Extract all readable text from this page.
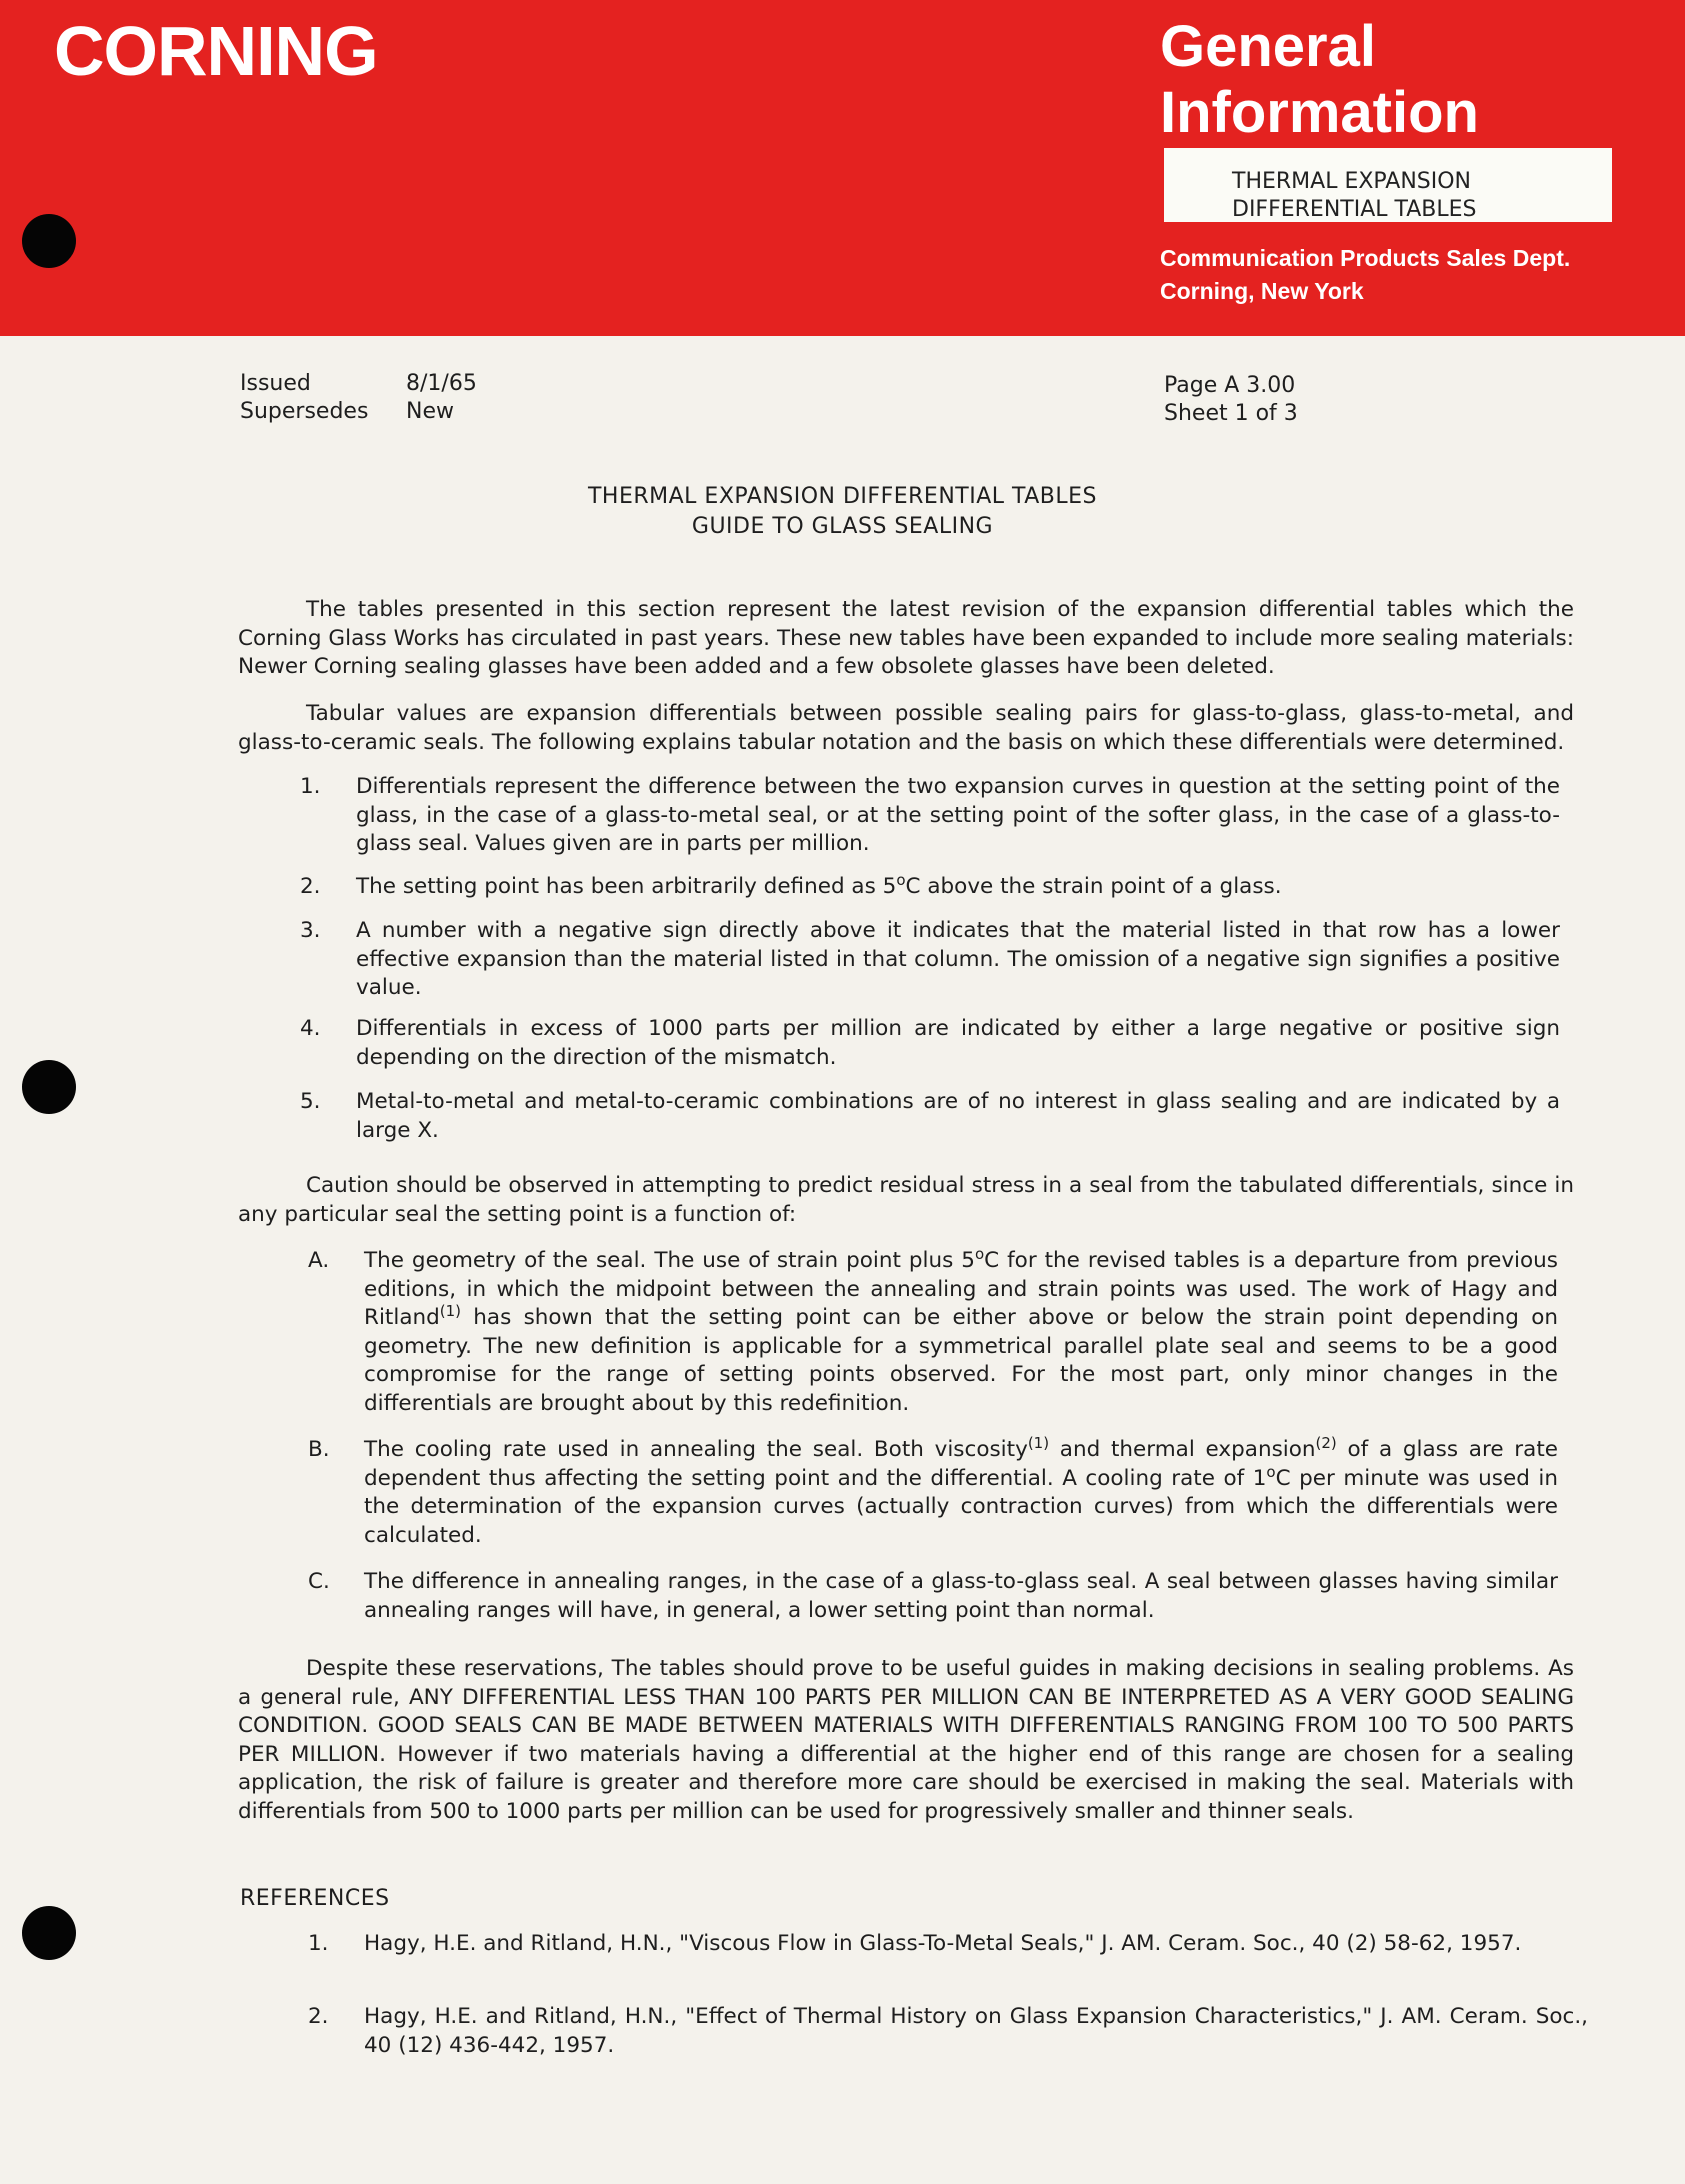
CORNING	General
Information
THERMAL EXPANSION
DIFFERENTIAL TABLES
Communication Products Sales Dept.
Corning, New York
Issued	8/1/65
Supersedes New
Page A 3.00
Sheet 1 of 3
THERMAL EXPANSION DIFFERENTIAL TABLES
GUIDE TO GLASS SEALING
The tables presented in this section represent the latest revision of the expansion differential tables which the Corning Glass Works has circulated in past years. These new tables have been expanded to include more sealing materials: Newer Corning sealing glasses have been added and a few obsolete glasses have been deleted.
Tabular values are expansion differentials between possible sealing pairs for glass-to-glass, glass-to-metal, and glass-to-ceramic seals. The following explains tabular notation and the basis on which these differentials were determined.
1. Differentials represent the difference between the two expansion curves in question at the setting point of the glass, in the case of a glass-to-metal seal, or at the setting point of the softer glass, in the case of a glass-to-glass seal. Values given are in parts per million.
2. The setting point has been arbitrarily defined as 5$^o$C above the strain point of a glass.
3. A number with a negative sign directly above it indicates that the material listed in that row has a lower effective expansion than the material listed in that column. The omission of a negative sign signifies a positive value.
4. Differentials in excess of 1000 parts per million are indicated by either a large negative or positive sign depending on the direction of the mismatch.
5. Metal-to-metal and metal-to-ceramic combinations are of no interest in glass sealing and are indicated by a large X.
Caution should be observed in attempting to predict residual stress in a seal from the tabulated differentials, since in any particular seal the setting point is a function of:
A. The geometry of the seal. The use of strain point plus 5$^o$C for the revised tables is a departure from previous editions, in which the midpoint between the annealing and strain points was used. The work of Hagy and Ritland$^{(1)}$ has shown that the setting point can be either above or below the strain point depending on geometry. The new definition is applicable for a symmetrical parallel plate seal and seems to be a good compromise for the range of setting points observed. For the most part, only minor changes in the differentials are brought about by this redefinition.
B. The cooling rate used in annealing the seal. Both viscosity$^{(1)}$ and thermal expansion$^{(2)}$ of a glass are rate dependent thus affecting the setting point and the differential. A cooling rate of 1$^o$C per minute was used in the determination of the expansion curves (actually contraction curves) from which the differentials were calculated.
C. The difference in annealing ranges, in the case of a glass-to-glass seal. A seal between glasses having similar annealing ranges will have, in general, a lower setting point than normal.
Despite these reservations, The tables should prove to be useful guides in making decisions in sealing problems. As a general rule, ANY DIFFERENTIAL LESS THAN 100 PARTS PER MILLION CAN BE INTERPRETED AS A VERY GOOD SEALING CONDITION. GOOD SEALS CAN BE MADE BETWEEN MATERIALS WITH DIFFERENTIALS RANGING FROM 100 TO 500 PARTS PER MILLION. However if two materials having a differential at the higher end of this range are chosen for a sealing application, the risk of failure is greater and therefore more care should be exercised in making the seal. Materials with differentials from 500 to 1000 parts per million can be used for progressively smaller and thinner seals.
REFERENCES
1. Hagy, H.E. and Ritland, H.N., "Viscous Flow in Glass-To-Metal Seals," J. AM. Ceram. Soc., 40 (2) 58-62, 1957.
2. Hagy, H.E. and Ritland, H.N., "Effect of Thermal History on Glass Expansion Characteristics," J. AM. Ceram. Soc., 40 (12) 436-442, 1957.
